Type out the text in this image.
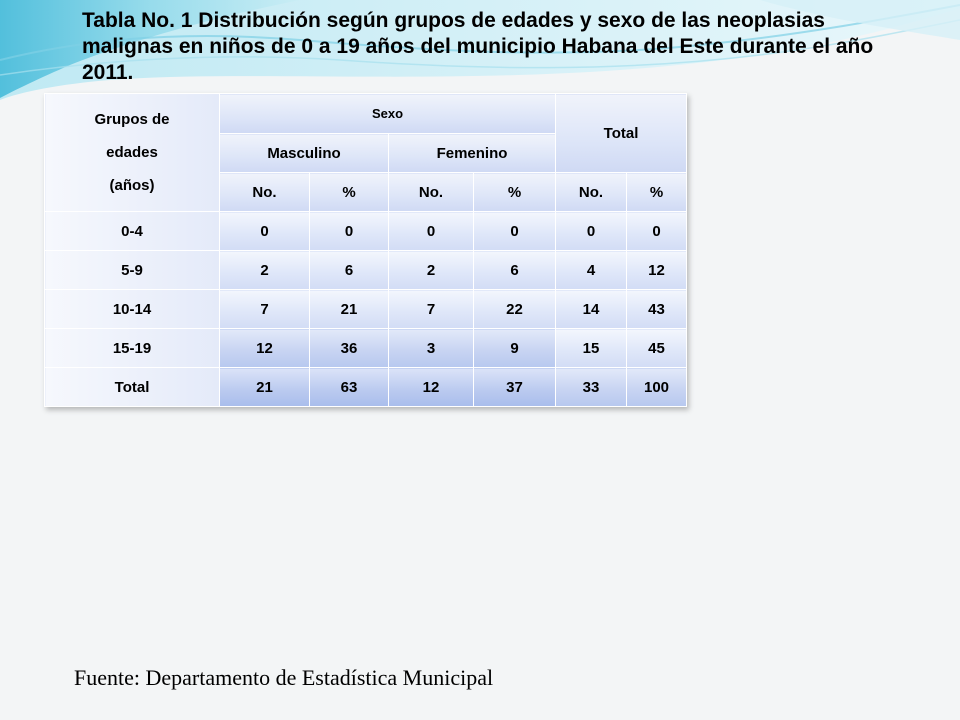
Tabla No. 1 Distribución según grupos de edades y sexo de las neoplasias malignas en niños de 0 a 19 años del municipio Habana del Este durante el año 2011.

Grupos de
edades
(años)	Sexo				Total	
	Masculino		Femenino			
	No.	%	No.	%	No.	%
0-4	0	0	0	0	0	0
5-9	2	6	2	6	4	12
10-14	7	21	7	22	14	43
15-19	12	36	3	9	15	45
Total	21	63	12	37	33	100

Fuente: Departamento de Estadística Municipal
